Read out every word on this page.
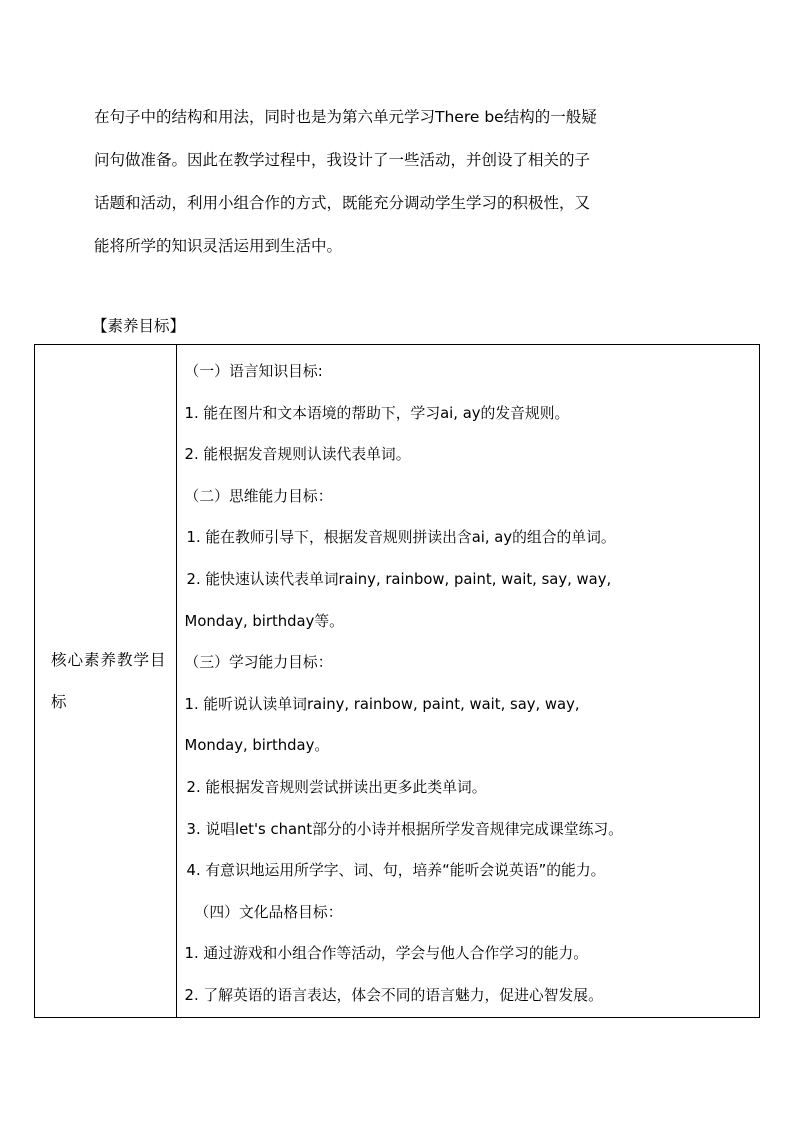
在句子中的结构和用法，同时也是为第六单元学习There be结构的一般疑
问句做准备。因此在教学过程中，我设计了一些活动，并创设了相关的子
话题和活动，利用小组合作的方式，既能充分调动学生学习的积极性，又
能将所学的知识灵活运用到生活中。
【素养目标】
核心素养教学目标

（一）语言知识目标:
1. 能在图片和文本语境的帮助下，学习ai, ay的发音规则。
2. 能根据发音规则认读代表单词。
（二）思维能力目标：
1. 能在教师引导下，根据发音规则拼读出含ai, ay的组合的单词。
2. 能快速认读代表单词rainy, rainbow, paint, wait, say, way,
Monday, birthday等。
（三）学习能力目标：
1. 能听说认读单词rainy, rainbow, paint, wait, say, way,
Monday, birthday。
2. 能根据发音规则尝试拼读出更多此类单词。
3. 说唱let's chant部分的小诗并根据所学发音规律完成课堂练习。
4. 有意识地运用所学字、词、句，培养“能听会说英语”的能力。
（四）文化品格目标：
1. 通过游戏和小组合作等活动，学会与他人合作学习的能力。
2. 了解英语的语言表达，体会不同的语言魅力，促进心智发展。
